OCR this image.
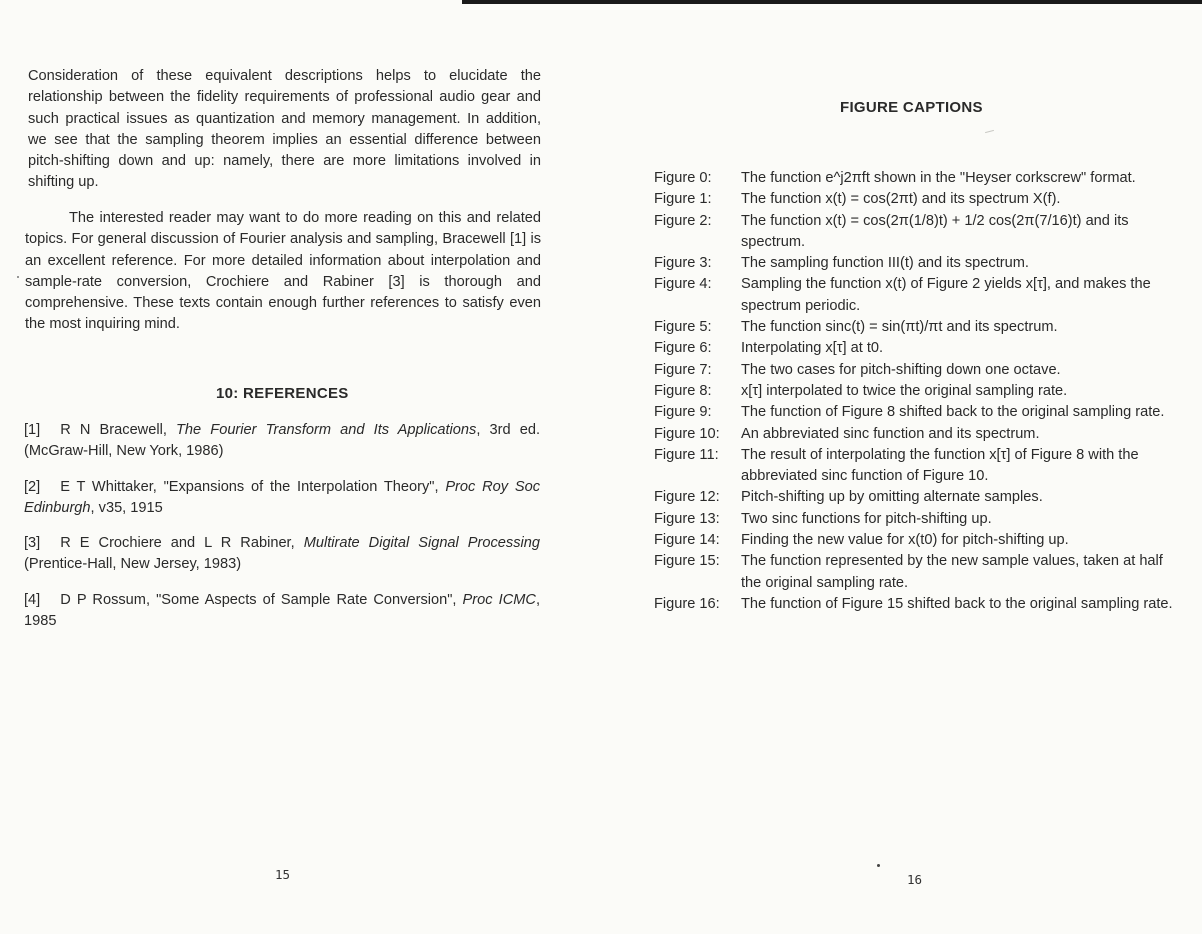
Consideration of these equivalent descriptions helps to elucidate the relationship between the fidelity requirements of professional audio gear and such practical issues as quantization and memory management. In addition, we see that the sampling theorem implies an essential difference between pitch-shifting down and up: namely, there are more limitations involved in shifting up.

The interested reader may want to do more reading on this and related topics. For general discussion of Fourier analysis and sampling, Bracewell [1] is an excellent reference. For more detailed information about interpolation and sample-rate conversion, Crochiere and Rabiner [3] is thorough and comprehensive. These texts contain enough further references to satisfy even the most inquiring mind.

10: REFERENCES

[1] R N Bracewell, The Fourier Transform and Its Applications, 3rd ed. (McGraw-Hill, New York, 1986)

[2] E T Whittaker, "Expansions of the Interpolation Theory", Proc Roy Soc Edinburgh, v35, 1915

[3] R E Crochiere and L R Rabiner, Multirate Digital Signal Processing (Prentice-Hall, New Jersey, 1983)

[4] D P Rossum, "Some Aspects of Sample Rate Conversion", Proc ICMC, 1985

15
FIGURE CAPTIONS
Figure 0:	The function e^j2πft shown in the "Heyser corkscrew" format.
Figure 1:	The function x(t) = cos(2πt) and its spectrum X(f).
Figure 2:	The function x(t) = cos(2π(1/8)t) + 1/2 cos(2π(7/16)t) and its spectrum.
Figure 3:	The sampling function III(t) and its spectrum.
Figure 4:	Sampling the function x(t) of Figure 2 yields x[τ], and makes the spectrum periodic.
Figure 5:	The function sinc(t) = sin(πt)/πt and its spectrum.
Figure 6:	Interpolating x[τ] at t0.
Figure 7:	The two cases for pitch-shifting down one octave.
Figure 8:	x[τ] interpolated to twice the original sampling rate.
Figure 9:	The function of Figure 8 shifted back to the original sampling rate.
Figure 10:	An abbreviated sinc function and its spectrum.
Figure 11:	The result of interpolating the function x[τ] of Figure 8 with the abbreviated sinc function of Figure 10.
Figure 12:	Pitch-shifting up by omitting alternate samples.
Figure 13:	Two sinc functions for pitch-shifting up.
Figure 14:	Finding the new value for x(t0) for pitch-shifting up.
Figure 15:	The function represented by the new sample values, taken at half the original sampling rate.
Figure 16:	The function of Figure 15 shifted back to the original sampling rate.
16
